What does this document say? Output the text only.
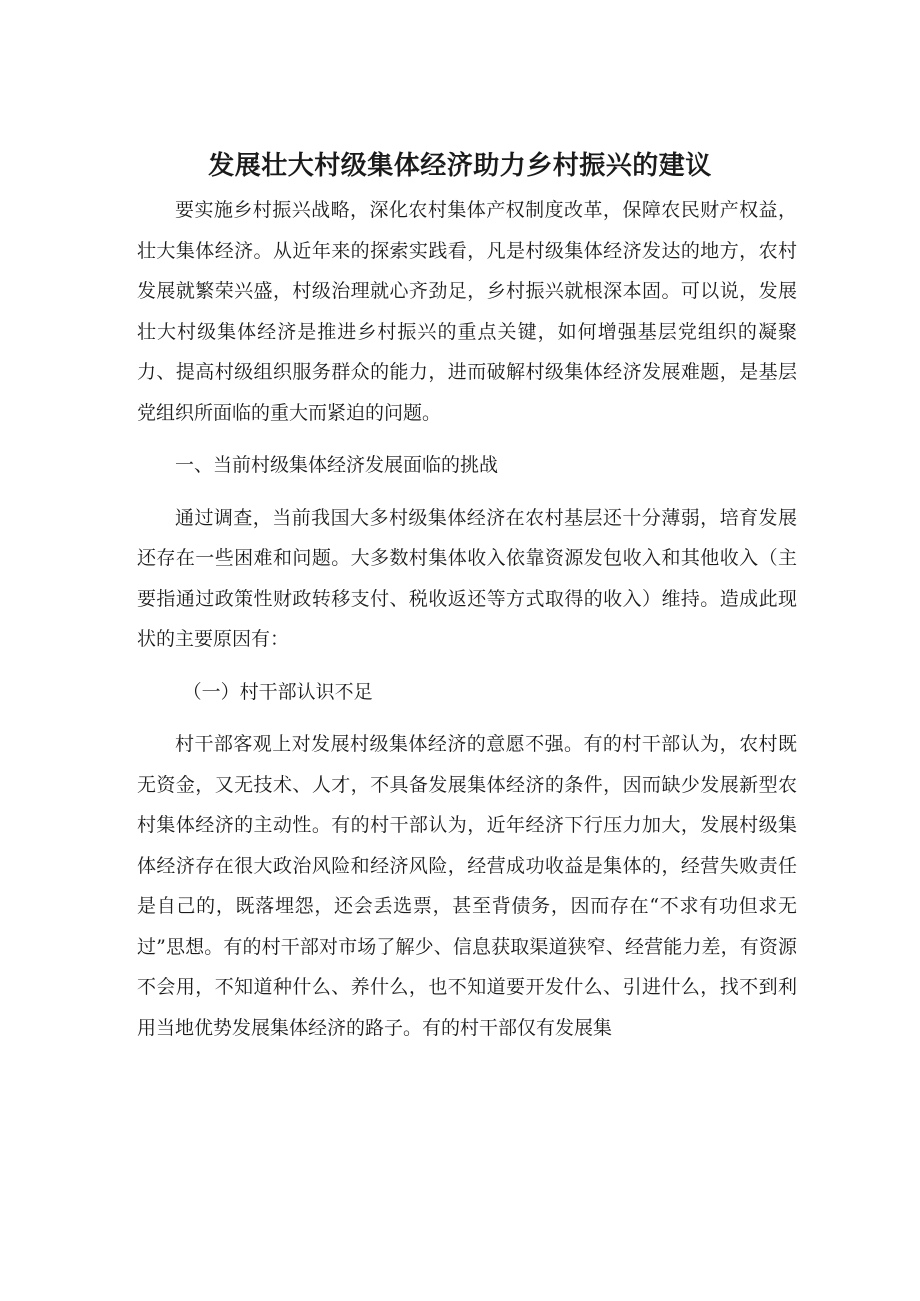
发展壮大村级集体经济助力乡村振兴的建议

要实施乡村振兴战略，深化农村集体产权制度改革，保障农民财产权益，壮大集体经济。从近年来的探索实践看，凡是村级集体经济发达的地方，农村发展就繁荣兴盛，村级治理就心齐劲足，乡村振兴就根深本固。可以说，发展壮大村级集体经济是推进乡村振兴的重点关键，如何增强基层党组织的凝聚力、提高村级组织服务群众的能力，进而破解村级集体经济发展难题，是基层党组织所面临的重大而紧迫的问题。

一、当前村级集体经济发展面临的挑战

通过调查，当前我国大多村级集体经济在农村基层还十分薄弱，培育发展还存在一些困难和问题。大多数村集体收入依靠资源发包收入和其他收入（主要指通过政策性财政转移支付、税收返还等方式取得的收入）维持。造成此现状的主要原因有：

（一）村干部认识不足

村干部客观上对发展村级集体经济的意愿不强。有的村干部认为，农村既无资金，又无技术、人才，不具备发展集体经济的条件，因而缺少发展新型农村集体经济的主动性。有的村干部认为，近年经济下行压力加大，发展村级集体经济存在很大政治风险和经济风险，经营成功收益是集体的，经营失败责任是自己的，既落埋怨，还会丢选票，甚至背债务，因而存在“不求有功但求无过”思想。有的村干部对市场了解少、信息获取渠道狭窄、经营能力差，有资源不会用，不知道种什么、养什么，也不知道要开发什么、引进什么，找不到利用当地优势发展集体经济的路子。有的村干部仅有发展集
